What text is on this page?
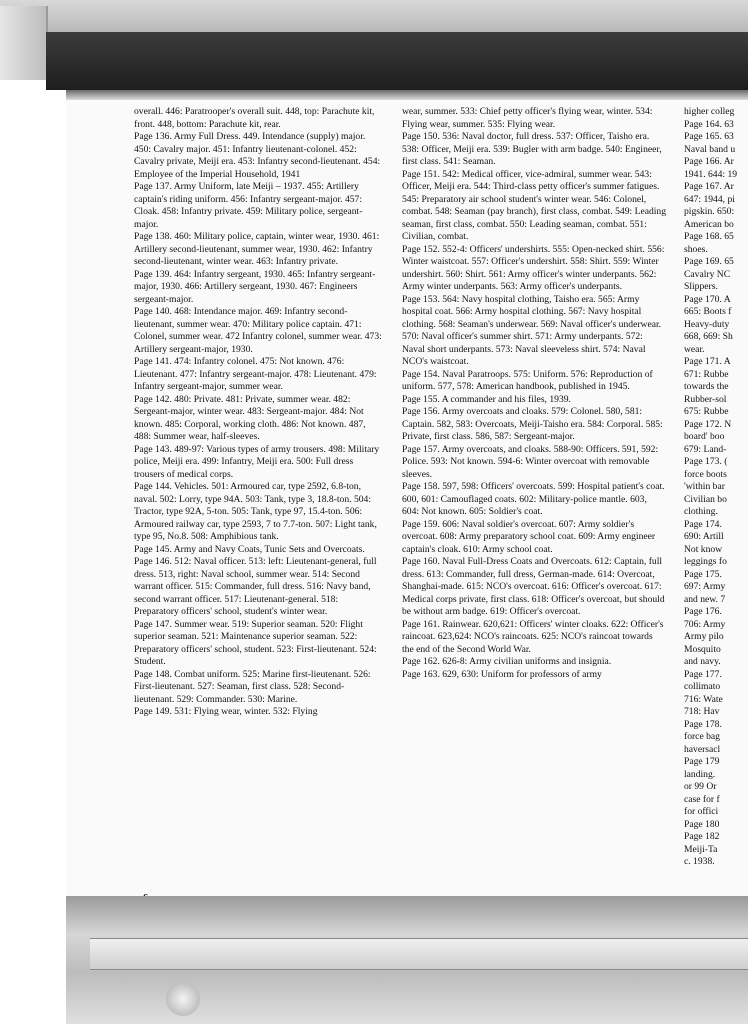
overall. 446: Paratrooper's overall suit. 448, top: Parachute kit, front. 448, bottom: Parachute kit, rear.

Page 136. Army Full Dress. 449. Intendance (supply) major. 450: Cavalry major. 451: Infantry lieutenant-colonel. 452: Cavalry private, Meiji era. 453: Infantry second-lieutenant. 454: Employee of the Imperial Household, 1941

Page 137. Army Uniform, late Meiji – 1937. 455: Artillery captain's riding uniform. 456: Infantry sergeant-major. 457: Cloak. 458: Infantry private. 459: Military police, sergeant-major.

Page 138. 460: Military police, captain, winter wear, 1930. 461: Artillery second-lieutenant, summer wear, 1930. 462: Infantry second-lieutenant, winter wear. 463: Infantry private.

Page 139. 464: Infantry sergeant, 1930. 465: Infantry sergeant-major, 1930. 466: Artillery sergeant, 1930. 467: Engineers sergeant-major.

Page 140. 468: Intendance major. 469: Infantry second-lieutenant, summer wear. 470: Military police captain. 471: Colonel, summer wear. 472 Infantry colonel, summer wear. 473: Artillery sergeant-major, 1930.

Page 141. 474: Infantry colonel. 475: Not known. 476: Lieutenant. 477: Infantry sergeant-major. 478: Lieutenant. 479: Infantry sergeant-major, summer wear.

Page 142. 480: Private. 481: Private, summer wear. 482: Sergeant-major, winter wear. 483: Sergeant-major. 484: Not known. 485: Corporal, working cloth. 486: Not known. 487, 488: Summer wear, half-sleeves.

Page 143. 489-97: Various types of army trousers. 498: Military police, Meiji era. 499: Infantry, Meiji era. 500: Full dress trousers of medical corps.

Page 144. Vehicles. 501: Armoured car, type 2592, 6.8-ton, naval. 502: Lorry, type 94A. 503: Tank, type 3, 18.8-ton. 504: Tractor, type 92A, 5-ton. 505: Tank, type 97, 15.4-ton. 506: Armoured railway car, type 2593, 7 to 7.7-ton. 507: Light tank, type 95, No.8. 508: Amphibious tank.

Page 145. Army and Navy Coats, Tunic Sets and Overcoats.

Page 146. 512: Naval officer. 513: left: Lieutenant-general, full dress. 513, right: Naval school, summer wear. 514: Second warrant officer. 515: Commander, full dress. 516: Navy band, second warrant officer. 517: Lieutenant-general. 518: Preparatory officers' school, student's winter wear.

Page 147. Summer wear. 519: Superior seaman. 520: Flight superior seaman. 521: Maintenance superior seaman. 522: Preparatory officers' school, student. 523: First-lieutenant. 524: Student.

Page 148. Combat uniform. 525: Marine first-lieutenant. 526: First-lieutenant. 527: Seaman, first class. 528: Second-lieutenant. 529: Commander. 530: Marine.

Page 149. 531: Flying wear, winter. 532: Flying

wear, summer. 533: Chief petty officer's flying wear, winter. 534: Flying wear, summer. 535: Flying wear.

Page 150. 536: Naval doctor, full dress. 537: Officer, Taisho era. 538: Officer, Meiji era. 539: Bugler with arm badge. 540: Engineer, first class. 541: Seaman.

Page 151. 542: Medical officer, vice-admiral, summer wear. 543: Officer, Meiji era. 544: Third-class petty officer's summer fatigues. 545: Preparatory air school student's winter wear. 546: Colonel, combat. 548: Seaman (pay branch), first class, combat. 549: Leading seaman, first class, combat. 550: Leading seaman, combat. 551: Civilian, combat.

Page 152. 552-4: Officers' undershirts. 555: Open-necked shirt. 556: Winter waistcoat. 557: Officer's undershirt. 558: Shirt. 559: Winter undershirt. 560: Shirt. 561: Army officer's winter underpants. 562: Army winter underpants. 563: Army officer's underpants.

Page 153. 564: Navy hospital clothing, Taisho era. 565: Army hospital coat. 566: Army hospital clothing. 567: Navy hospital clothing. 568: Seaman's underwear. 569: Naval officer's underwear. 570: Naval officer's summer shirt. 571: Army underpants. 572: Naval short underpants. 573: Naval sleeveless shirt. 574: Naval NCO's waistcoat.

Page 154. Naval Paratroops. 575: Uniform. 576: Reproduction of uniform. 577, 578: American handbook, published in 1945.

Page 155. A commander and his files, 1939.

Page 156. Army overcoats and cloaks. 579: Colonel. 580, 581: Captain. 582, 583: Overcoats, Meiji-Taisho era. 584: Corporal. 585: Private, first class. 586, 587: Sergeant-major.

Page 157. Army overcoats, and cloaks. 588-90: Officers. 591, 592: Police. 593: Not known. 594-6: Winter overcoat with removable sleeves.

Page 158. 597, 598: Officers' overcoats. 599: Hospital patient's coat. 600, 601: Camouflaged coats. 602: Military-police mantle. 603, 604: Not known. 605: Soldier's coat.

Page 159. 606: Naval soldier's overcoat. 607: Army soldier's overcoat. 608: Army preparatory school coat. 609: Army engineer captain's cloak. 610: Army school coat.

Page 160. Naval Full-Dress Coats and Overcoats. 612: Captain, full dress. 613: Commander, full dress, German-made. 614: Overcoat, Shanghai-made. 615: NCO's overcoat. 616: Officer's overcoat. 617: Medical corps private, first class. 618: Officer's overcoat, but should be without arm badge. 619: Officer's overcoat.

Page 161. Rainwear. 620,621: Officers' winter cloaks. 622: Officer's raincoat. 623,624: NCO's raincoats. 625: NCO's raincoat towards the end of the Second World War.

Page 162. 626-8: Army civilian uniforms and insignia.

Page 163. 629, 630: Uniform for professors of army

higher colleg

Page 164. 63

Page 165. 63

Naval band u

Page 166. Ar

1941. 644: 19

Page 167. Ar

647: 1944, pi

pigskin. 650:

American bo

Page 168. 65

shoes.

Page 169. 65

Cavalry NC

Slippers.

Page 170. A

665: Boots f

Heavy-duty

668, 669: Sh

wear.

Page 171. A

671: Rubbe

towards the

Rubber-sol

675: Rubbe

Page 172. N

board' boo

679: Land-

Page 173. (

force boots

'within bar

Civilian bo

clothing.

Page 174.

690: Artill

Not know

leggings fo

Page 175.

697: Army

and new. 7

Page 176.

706: Army

Army pilo

Mosquito

and navy.

Page 177.

collimato

716: Wate

718: Hav

Page 178.

force bag

haversacl

Page 179

landing.

or 99 Or

case for f

for offici

Page 180

Page 182

Meiji-Ta

c. 1938.
